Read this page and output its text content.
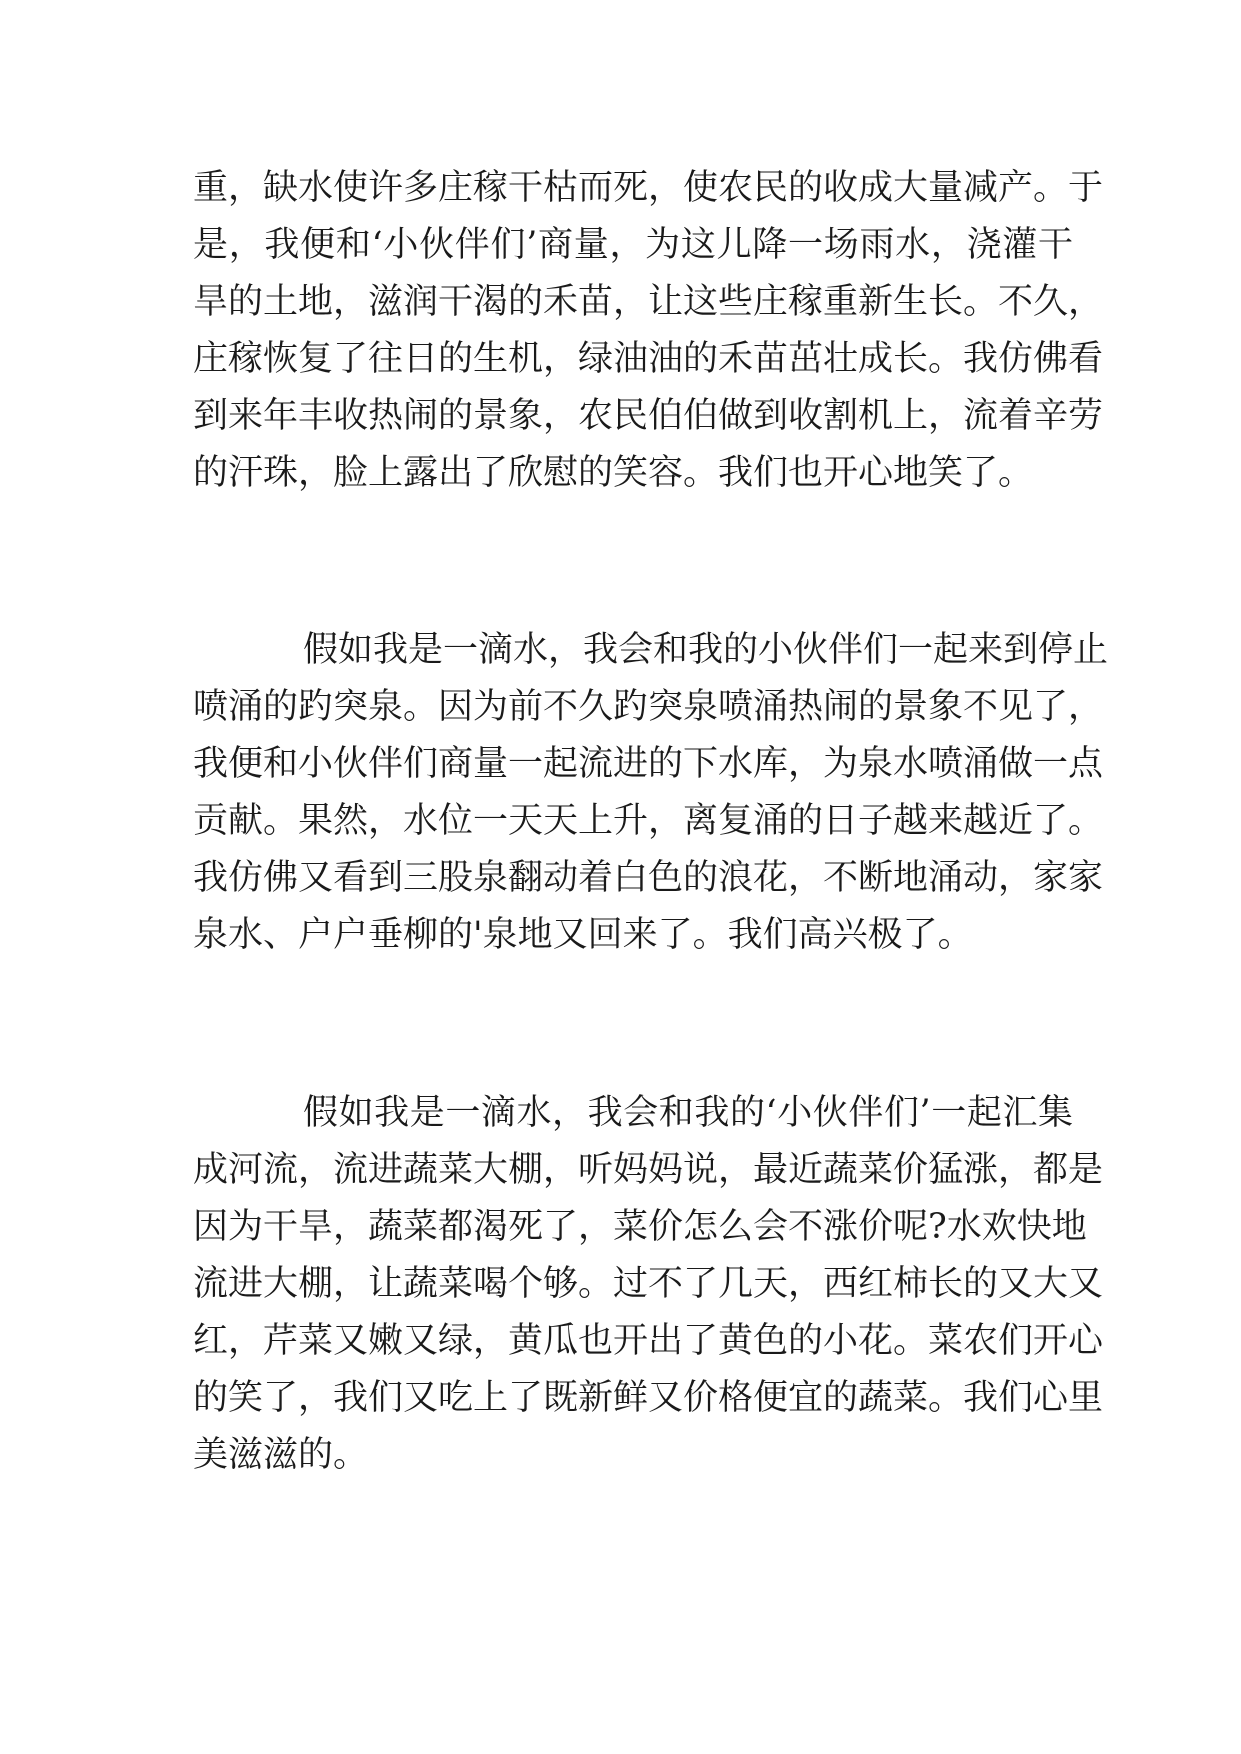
重，缺水使许多庄稼干枯而死，使农民的收成大量减产。于
是，我便和‘小伙伴们’商量，为这儿降一场雨水，浇灌干
旱的土地，滋润干渴的禾苗，让这些庄稼重新生长。不久，
庄稼恢复了往日的生机，绿油油的禾苗茁壮成长。我仿佛看
到来年丰收热闹的景象，农民伯伯做到收割机上，流着辛劳
的汗珠，脸上露出了欣慰的笑容。我们也开心地笑了。

假如我是一滴水，我会和我的小伙伴们一起来到停止
喷涌的趵突泉。因为前不久趵突泉喷涌热闹的景象不见了，
我便和小伙伴们商量一起流进的下水库，为泉水喷涌做一点
贡献。果然，水位一天天上升，离复涌的日子越来越近了。
我仿佛又看到三股泉翻动着白色的浪花，不断地涌动，家家
泉水、户户垂柳的'泉地又回来了。我们高兴极了。

假如我是一滴水，我会和我的‘小伙伴们’一起汇集
成河流，流进蔬菜大棚，听妈妈说，最近蔬菜价猛涨，都是
因为干旱，蔬菜都渴死了，菜价怎么会不涨价呢?水欢快地
流进大棚，让蔬菜喝个够。过不了几天，西红柿长的又大又
红，芹菜又嫩又绿，黄瓜也开出了黄色的小花。菜农们开心
的笑了，我们又吃上了既新鲜又价格便宜的蔬菜。我们心里
美滋滋的。
